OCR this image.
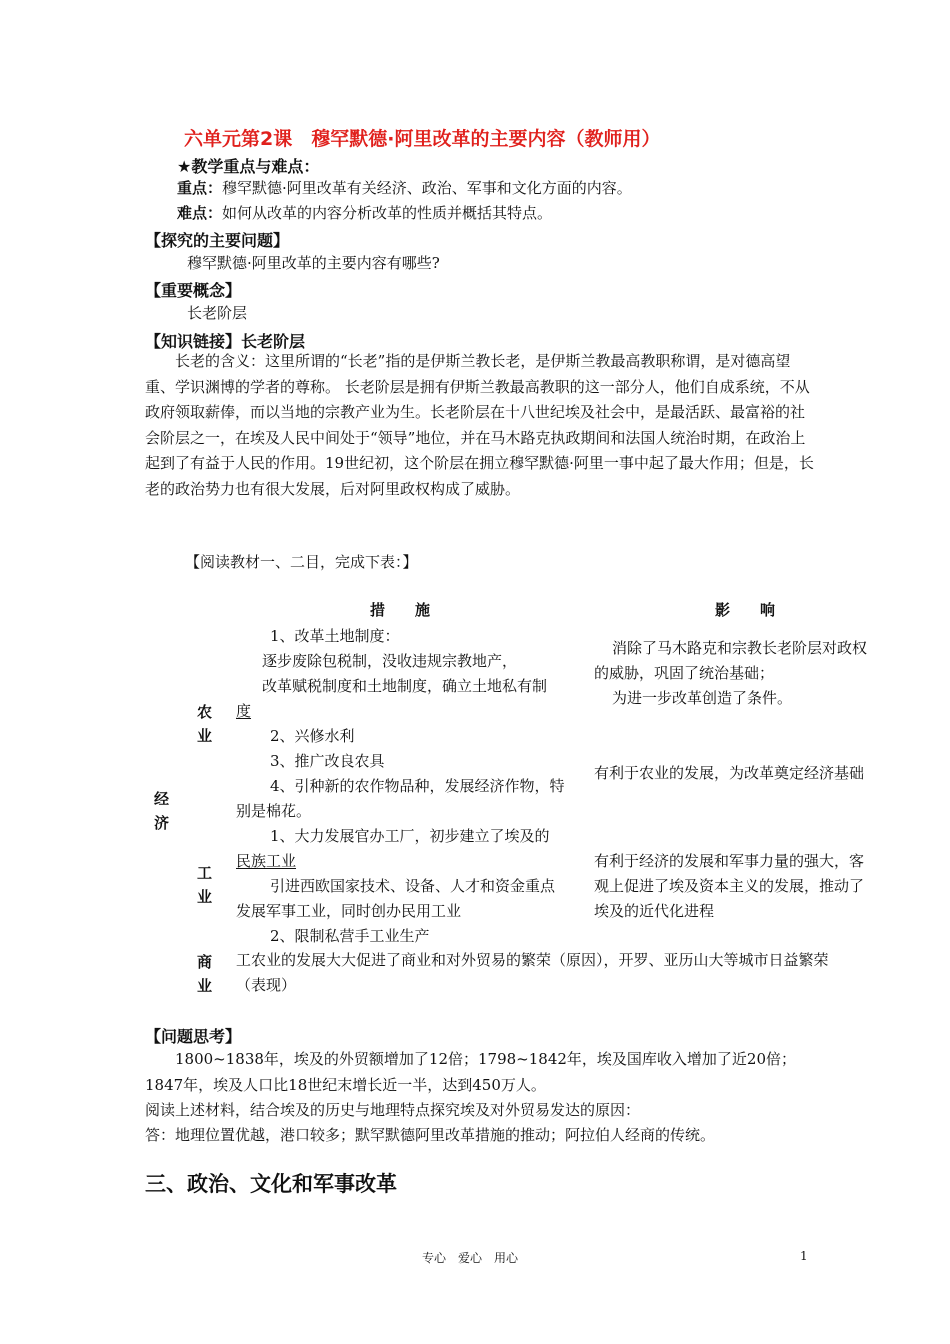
六单元第2课　穆罕默德·阿里改革的主要内容（教师用）
★教学重点与难点：
重点：穆罕默德·阿里改革有关经济、政治、军事和文化方面的内容。
难点：如何从改革的内容分析改革的性质并概括其特点。
【探究的主要问题】
穆罕默德·阿里改革的主要内容有哪些?
【重要概念】
长老阶层
【知识链接】长老阶层
长老的含义：这里所谓的“长老”指的是伊斯兰教长老，是伊斯兰教最高教职称谓，是对德高望重、学识渊博的学者的尊称。 长老阶层是拥有伊斯兰教最高教职的这一部分人，他们自成系统，不从政府领取薪俸，而以当地的宗教产业为生。长老阶层在十八世纪埃及社会中，是最活跃、最富裕的社会阶层之一，在埃及人民中间处于“领导”地位，并在马木路克执政期间和法国人统治时期，在政治上起到了有益于人民的作用。19世纪初，这个阶层在拥立穆罕默德·阿里一事中起了最大作用；但是，长老的政治势力也有很大发展，后对阿里政权构成了威胁。
【阅读教材一、二目，完成下表：】
措　　施	影　　响
经济
农业
工业
商业
1、改革土地制度：
逐步废除包税制，没收违规宗教地产，
改革赋税制度和土地制度，确立土地私有制
度
2、兴修水利
3、推广改良农具
4、引种新的农作物品种，发展经济作物，特
别是棉花。
消除了马木路克和宗教长老阶层对政权
的威胁，巩固了统治基础；
为进一步改革创造了条件。
有利于农业的发展，为改革奠定经济基础
1、大力发展官办工厂，初步建立了埃及的
民族工业
引进西欧国家技术、设备、人才和资金重点
发展军事工业，同时创办民用工业
2、限制私营手工业生产
有利于经济的发展和军事力量的强大，客
观上促进了埃及资本主义的发展，推动了
埃及的近代化进程
工农业的发展大大促进了商业和对外贸易的繁荣（原因），开罗、亚历山大等城市日益繁荣
（表现）
【问题思考】
1800~1838年，埃及的外贸额增加了12倍；1798~1842年，埃及国库收入增加了近20倍；
1847年，埃及人口比18世纪末增长近一半，达到450万人。
阅读上述材料，结合埃及的历史与地理特点探究埃及对外贸易发达的原因：
答：地理位置优越，港口较多；默罕默德阿里改革措施的推动；阿拉伯人经商的传统。
三、政治、文化和军事改革
专心　爱心　用心	1
